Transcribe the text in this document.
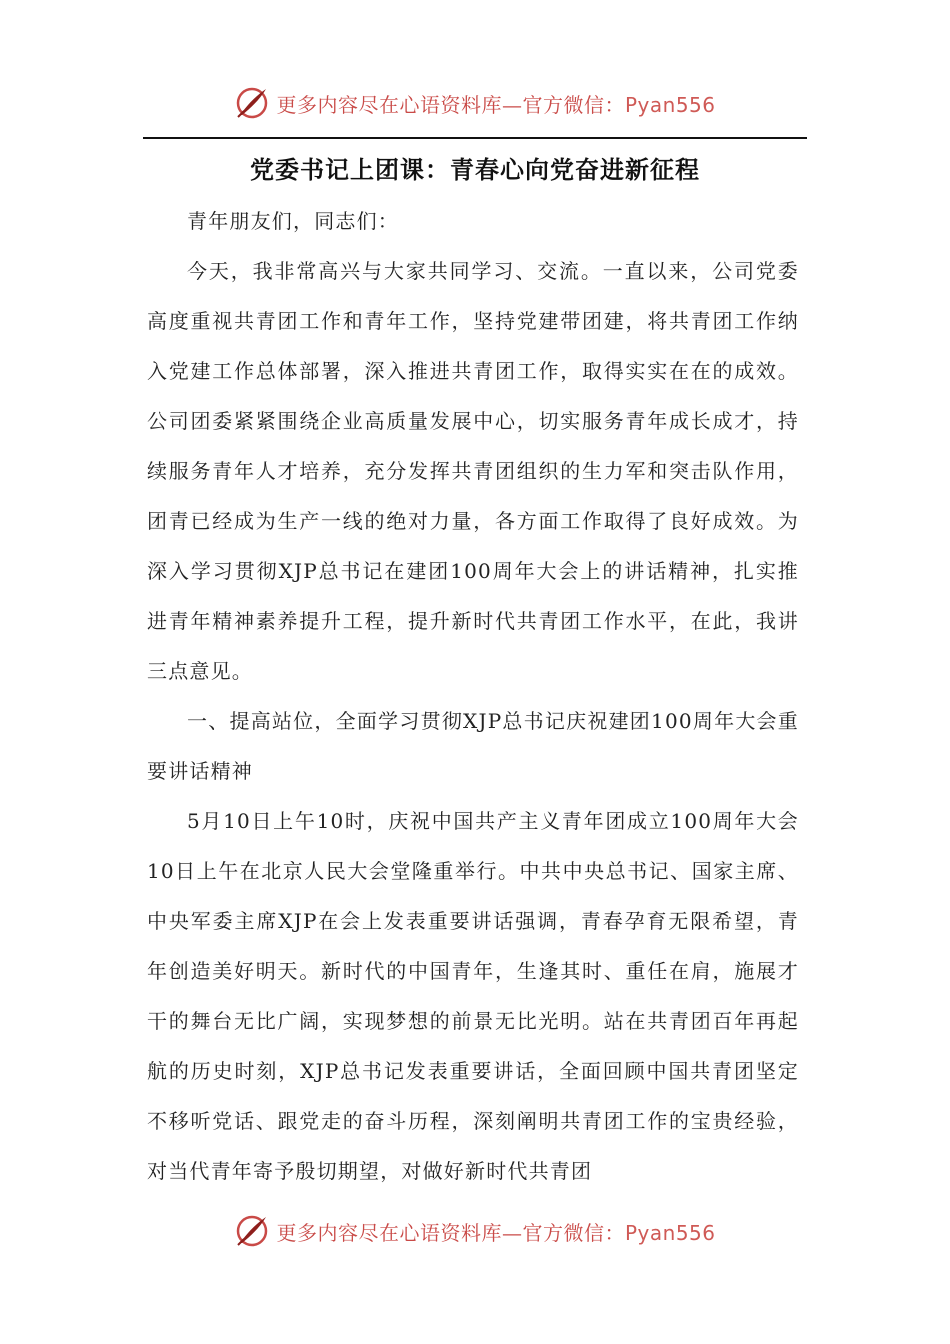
更多内容尽在心语资料库—官方微信：Pyan556
党委书记上团课：青春心向党奋进新征程

青年朋友们，同志们：

今天，我非常高兴与大家共同学习、交流。一直以来，公司党委高度重视共青团工作和青年工作，坚持党建带团建，将共青团工作纳入党建工作总体部署，深入推进共青团工作，取得实实在在的成效。公司团委紧紧围绕企业高质量发展中心，切实服务青年成长成才，持续服务青年人才培养，充分发挥共青团组织的生力军和突击队作用，团青已经成为生产一线的绝对力量，各方面工作取得了良好成效。为深入学习贯彻XJP总书记在建团100周年大会上的讲话精神，扎实推进青年精神素养提升工程，提升新时代共青团工作水平，在此，我讲三点意见。

一、提高站位，全面学习贯彻XJP总书记庆祝建团100周年大会重要讲话精神

5月10日上午10时，庆祝中国共产主义青年团成立100周年大会10日上午在北京人民大会堂隆重举行。中共中央总书记、国家主席、中央军委主席XJP在会上发表重要讲话强调，青春孕育无限希望，青年创造美好明天。新时代的中国青年，生逢其时、重任在肩，施展才干的舞台无比广阔，实现梦想的前景无比光明。站在共青团百年再起航的历史时刻，XJP总书记发表重要讲话，全面回顾中国共青团坚定不移听党话、跟党走的奋斗历程，深刻阐明共青团工作的宝贵经验，对当代青年寄予殷切期望，对做好新时代共青团

更多内容尽在心语资料库—官方微信：Pyan556
